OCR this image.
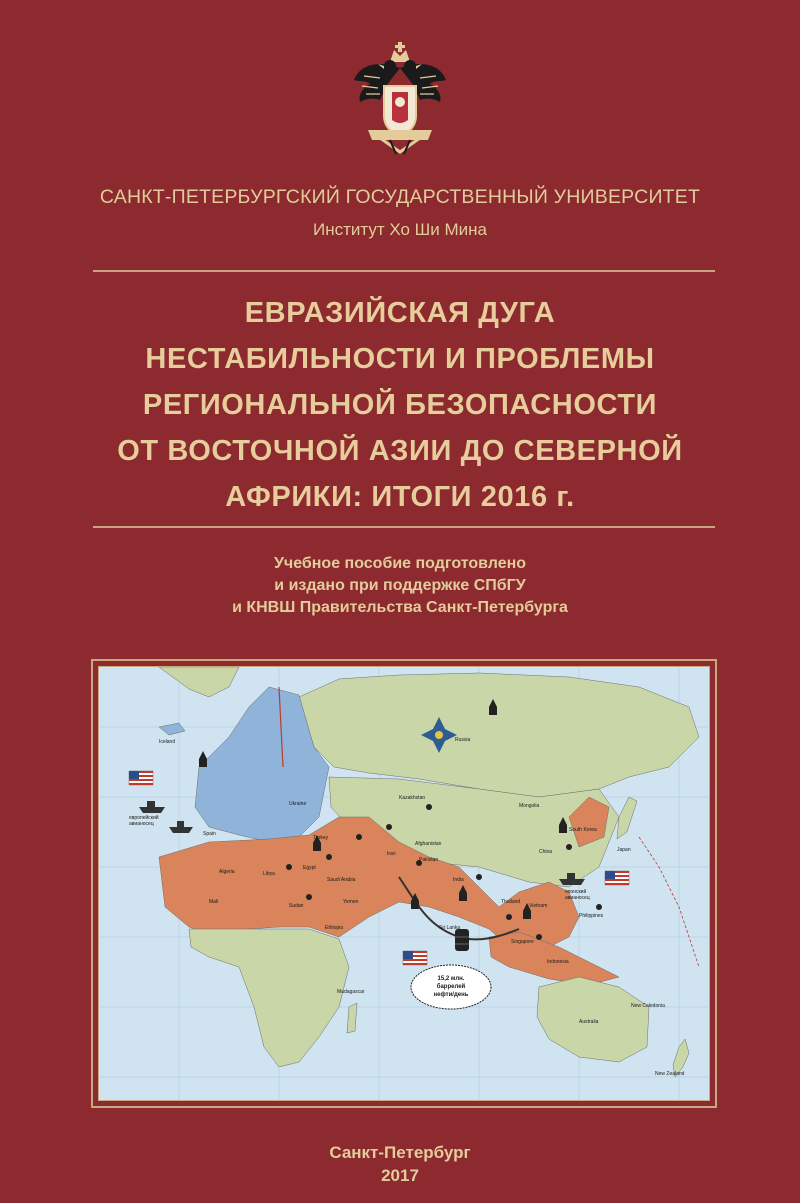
САНКТ-ПЕТЕРБУРГСКИЙ ГОСУДАРСТВЕННЫЙ УНИВЕРСИТЕТ
Институт Хо Ши Мина
ЕВРАЗИЙСКАЯ ДУГА
НЕСТАБИЛЬНОСТИ И ПРОБЛЕМЫ
РЕГИОНАЛЬНОЙ БЕЗОПАСНОСТИ
ОТ ВОСТОЧНОЙ АЗИИ ДО СЕВЕРНОЙ
АФРИКИ: ИТОГИ 2016 г.
Учебное пособие подготовлено
и издано при поддержке СПбГУ
и КНВШ Правительства Санкт-Петербурга
15,2 млн.
баррелей
нефти/день
европейский
авианосец
японский
авианосец
Russia
China
Kazakhstan
Mongolia
India
Iran
Turkey
Afghanistan
Pakistan
Egypt
Libya
Algeria
Mali
Sudan
Ethiopia
Indonesia
Australia
Japan
Philippines
Vietnam
Thailand
Iceland
Spain
Ukraine
New Zealand
New Caledonia
Madagascar
Sri Lanka
Singapore
South Korea
Yemen
Saudi Arabia
Санкт-Петербург
2017
